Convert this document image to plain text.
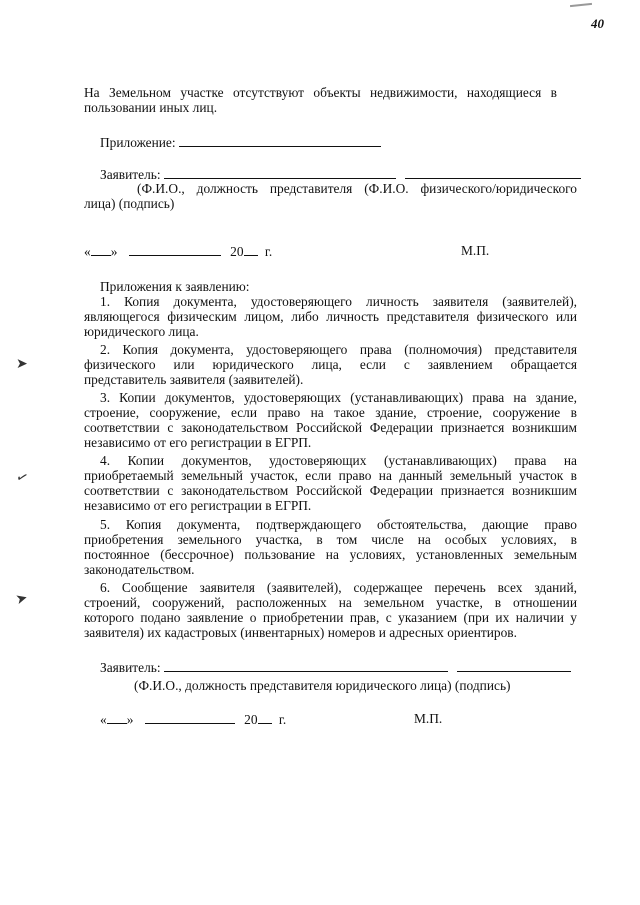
40
➤
✓
➤
На Земельном участке отсутствуют объекты недвижимости, находящиеся в
пользовании иных лиц.
Приложение:
Заявитель:
(Ф.И.О., должность представителя (Ф.И.О. физического/юридического
лица) (подпись)
« »	20 г.	М.П.
Приложения к заявлению:
1. Копия документа, удостоверяющего личность заявителя (заявителей),
являющегося физическим лицом, либо личность представителя физического или
юридического лица.
2. Копия документа, удостоверяющего права (полномочия) представителя
физического или юридического лица, если с заявлением обращается
представитель заявителя (заявителей).
3. Копии документов, удостоверяющих (устанавливающих) права на здание,
строение, сооружение, если право на такое здание, строение, сооружение в
соответствии с законодательством Российской Федерации признается возникшим
независимо от его регистрации в ЕГРП.
4. Копии документов, удостоверяющих (устанавливающих) права на
приобретаемый земельный участок, если право на данный земельный участок в
соответствии с законодательством Российской Федерации признается возникшим
независимо от его регистрации в ЕГРП.
5. Копия документа, подтверждающего обстоятельства, дающие право
приобретения земельного участка, в том числе на особых условиях, в
постоянное (бессрочное) пользование на условиях, установленных земельным
законодательством.
6. Сообщение заявителя (заявителей), содержащее перечень всех зданий,
строений, сооружений, расположенных на земельном участке, в отношении
которого подано заявление о приобретении прав, с указанием (при их наличии у
заявителя) их кадастровых (инвентарных) номеров и адресных ориентиров.
Заявитель:
(Ф.И.О., должность представителя юридического лица) (подпись)
« »	20 г.	М.П.
